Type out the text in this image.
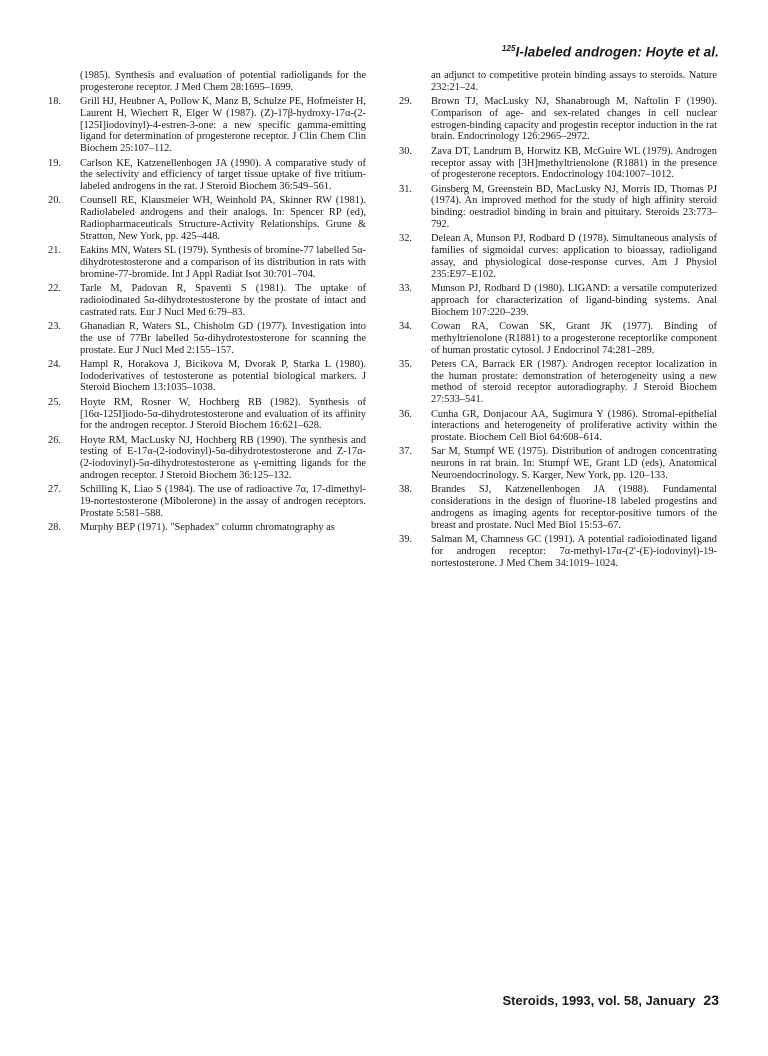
$^{125}$I-labeled androgen: Hoyte et al.
(1985). Synthesis and evaluation of potential radioligands for the progesterone receptor. J Med Chem 28:1695–1699.
18.	Grill HJ, Heubner A, Pollow K, Manz B, Schulze PE, Hofmeister H, Laurent H, Wiechert R, Elger W (1987). (Z)-17β-hydroxy-17α-(2-[125I]iodovinyl)-4-estren-3-one: a new specific gamma-emitting ligand for determination of progesterone receptor. J Clin Chem Clin Biochem 25:107–112.
19.	Carlson KE, Katzenellenbogen JA (1990). A comparative study of the selectivity and efficiency of target tissue uptake of five tritium-labeled androgens in the rat. J Steroid Biochem 36:549–561.
20.	Counsell RE, Klausmeier WH, Weinhold PA, Skinner RW (1981). Radiolabeled androgens and their analogs. In: Spencer RP (ed), Radiopharmaceuticals Structure-Activity Relationships. Grune & Stratton, New York, pp. 425–448.
21.	Eakins MN, Waters SL (1979). Synthesis of bromine-77 labelled 5α-dihydrotestosterone and a comparison of its distribution in rats with bromine-77-bromide. Int J Appl Radiat Isot 30:701–704.
22.	Tarle M, Padovan R, Spaventi S (1981). The uptake of radioiodinated 5α-dihydrotestosterone by the prostate of intact and castrated rats. Eur J Nucl Med 6:79–83.
23.	Ghanadian R, Waters SL, Chisholm GD (1977). Investigation into the use of 77Br labelled 5α-dihydrotestosterone for scanning the prostate. Eur J Nucl Med 2:155–157.
24.	Hampl R, Horakova J, Bicikova M, Dvorak P, Starka L (1980). Iododerivatives of testosterone as potential biological markers. J Steroid Biochem 13:1035–1038.
25.	Hoyte RM, Rosner W, Hochberg RB (1982). Synthesis of [16α-125I]iodo-5α-dihydrotestosterone and evaluation of its affinity for the androgen receptor. J Steroid Biochem 16:621–628.
26.	Hoyte RM, MacLusky NJ, Hochberg RB (1990). The synthesis and testing of E-17α-(2-iodovinyl)-5α-dihydrotestosterone and Z-17α-(2-iodovinyl)-5α-dihydrotestosterone as γ-emitting ligands for the androgen receptor. J Steroid Biochem 36:125–132.
27.	Schilling K, Liao S (1984). The use of radioactive 7α, 17-dimethyl-19-nortestosterone (Mibolerone) in the assay of androgen receptors. Prostate 5:581–588.
28.	Murphy BEP (1971). "Sephadex" column chromatography as
an adjunct to competitive protein binding assays to steroids. Nature 232:21–24.
29.	Brown TJ, MacLusky NJ, Shanabrough M, Naftolin F (1990). Comparison of age- and sex-related changes in cell nuclear estrogen-binding capacity and progestin receptor induction in the rat brain. Endocrinology 126:2965–2972.
30.	Zava DT, Landrum B, Horwitz KB, McGuire WL (1979). Androgen receptor assay with [3H]methyltrienolone (R1881) in the presence of progesterone receptors. Endocrinology 104:1007–1012.
31.	Ginsberg M, Greenstein BD, MacLusky NJ, Morris ID, Thomas PJ (1974). An improved method for the study of high affinity steroid binding: oestradiol binding in brain and pituitary. Steroids 23:773–792.
32.	Delean A, Munson PJ, Rodbard D (1978). Simultaneous analysis of families of sigmoidal curves: application to bioassay, radioligand assay, and physiological dose-response curves. Am J Physiol 235:E97–E102.
33.	Munson PJ, Rodbard D (1980). LIGAND: a versatile computerized approach for characterization of ligand-binding systems. Anal Biochem 107:220–239.
34.	Cowan RA, Cowan SK, Grant JK (1977). Binding of methyltrienolone (R1881) to a progesterone receptorlike component of human prostatic cytosol. J Endocrinol 74:281–289.
35.	Peters CA, Barrack ER (1987). Androgen receptor localization in the human prostate: demonstration of heterogeneity using a new method of steroid receptor autoradiography. J Steroid Biochem 27:533–541.
36.	Cunha GR, Donjacour AA, Sugimura Y (1986). Stromal-epithelial interactions and heterogeneity of proliferative activity within the prostate. Biochem Cell Biol 64:608–614.
37.	Sar M, Stumpf WE (1975). Distribution of androgen concentrating neurons in rat brain. In: Stumpf WE, Grant LD (eds), Anatomical Neuroendocrinology. S. Karger, New York, pp. 120–133.
38.	Brandes SJ, Katzenellenbogen JA (1988). Fundamental considerations in the design of fluorine-18 labeled progestins and androgens as imaging agents for receptor-positive tumors of the breast and prostate. Nucl Med Biol 15:53–67.
39.	Salman M, Chamness GC (1991). A potential radioiodinated ligand for androgen receptor: 7α-methyl-17α-(2′-(E)-iodovinyl)-19-nortestosterone. J Med Chem 34:1019–1024.
Steroids, 1993, vol. 58, January 23
